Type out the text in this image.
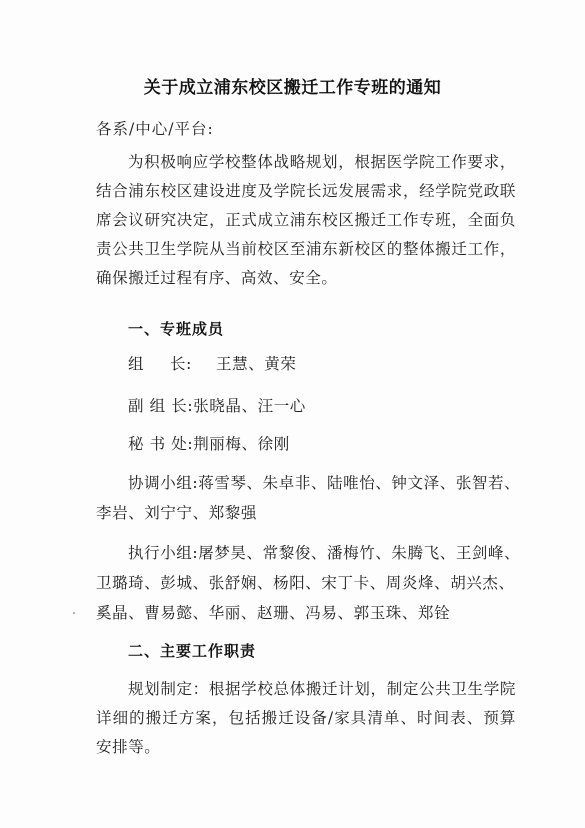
关于成立浦东校区搬迁工作专班的通知
各系/中心/平台:
为积极响应学校整体战略规划，根据医学院工作要求，结合浦东校区建设进度及学院长远发展需求，经学院党政联席会议研究决定，正式成立浦东校区搬迁工作专班，全面负责公共卫生学院从当前校区至浦东新校区的整体搬迁工作，确保搬迁过程有序、高效、安全。
一、专班成员
组 长: 王慧、黄荣
副 组 长:张晓晶、汪一心
秘 书 处:荆丽梅、徐刚
协调小组:蒋雪琴、朱卓非、陆唯怡、钟文泽、张智若、
李岩、刘宁宁、郑黎强
执行小组:屠梦昊、常黎俊、潘梅竹、朱腾飞、王剑峰、
卫璐琦、彭城、张舒娴、杨阳、宋丁卡、周炎烽、胡兴杰、
奚晶、曹易懿、华丽、赵珊、冯易、郭玉珠、郑铨
二、主要工作职责
规划制定：根据学校总体搬迁计划，制定公共卫生学院详细的搬迁方案，包括搬迁设备/家具清单、时间表、预算安排等。
